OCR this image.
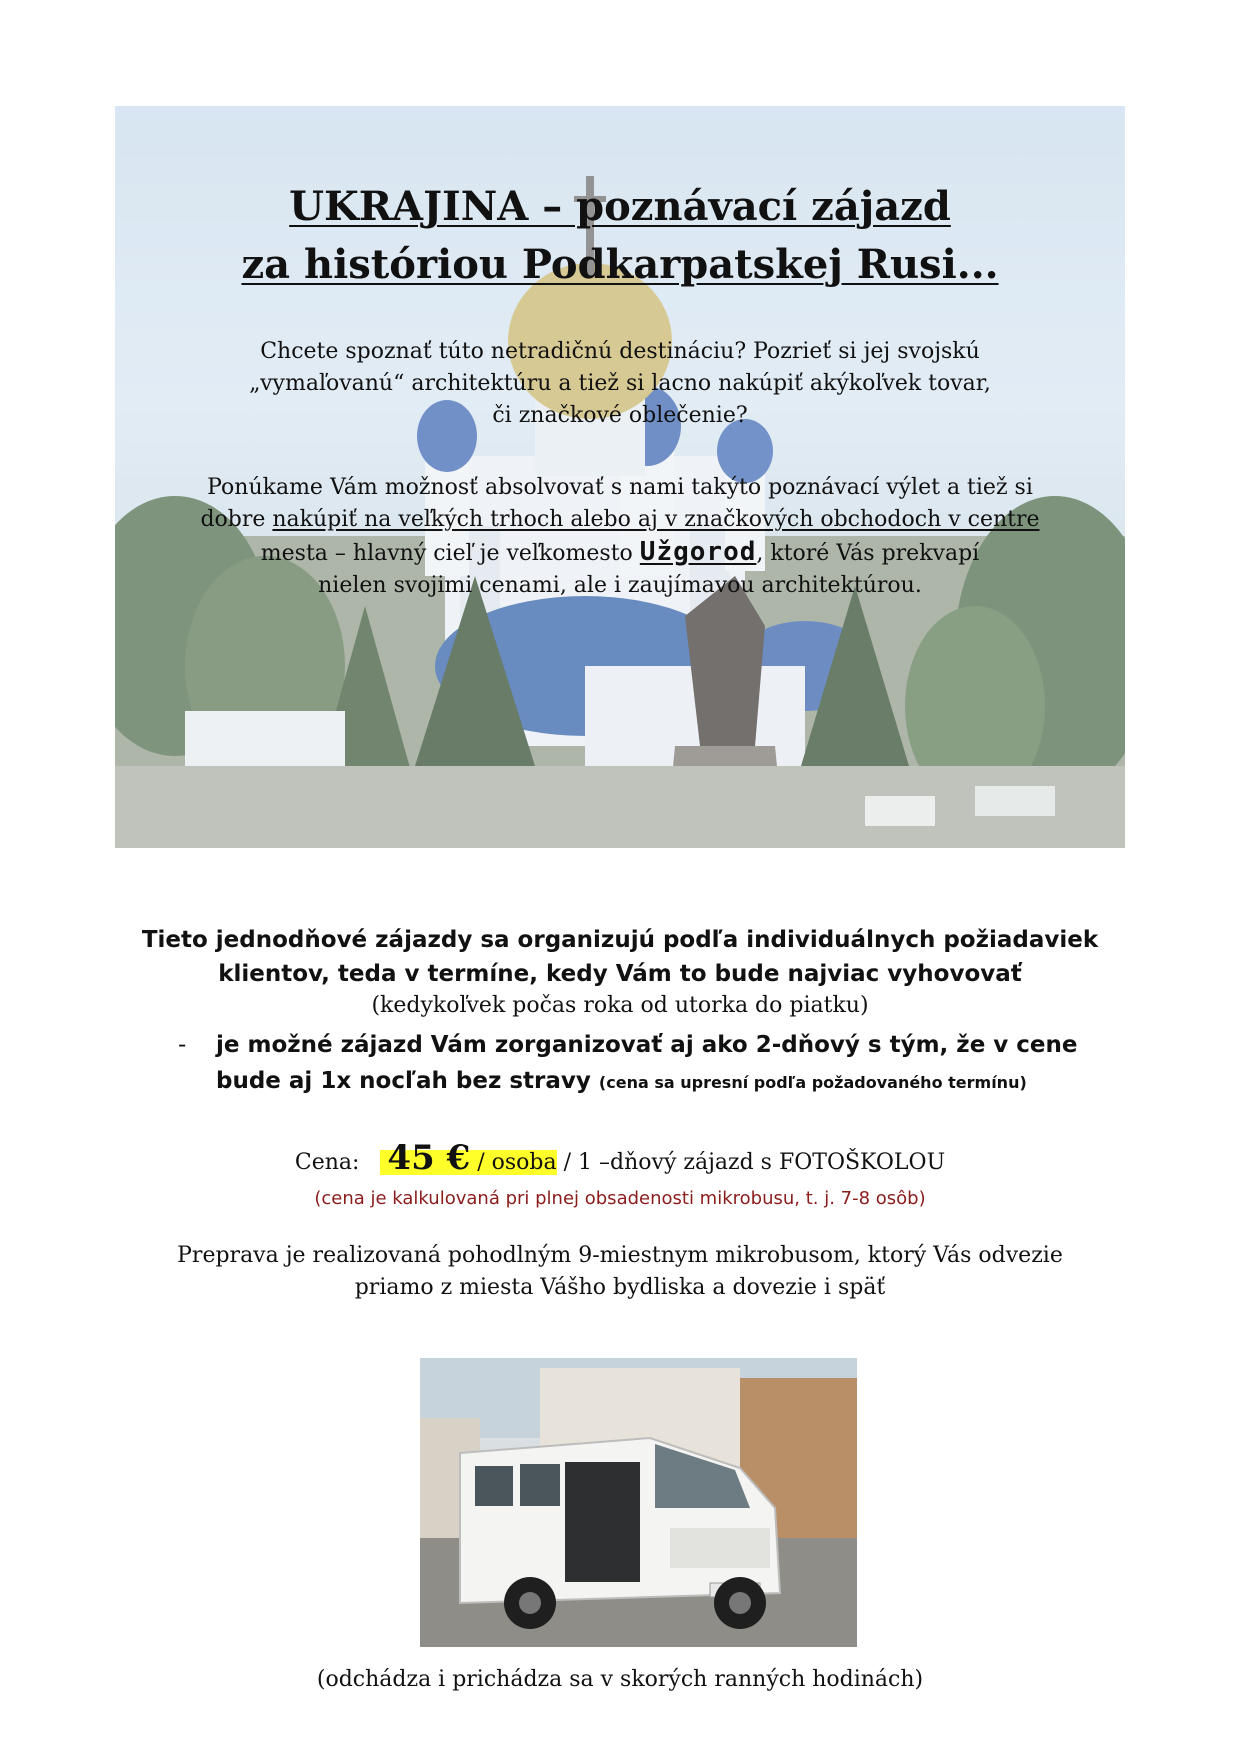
UKRAJINA – poznávací zájazd
za históriou Podkarpatskej Rusi...
Chcete spoznať túto netradičnú destináciu? Pozrieť si jej svojskú
„vymaľovanú“ architektúru a tiež si lacno nakúpiť akýkoľvek tovar,
či značkové oblečenie?
Ponúkame Vám možnosť absolvovať s nami takýto poznávací výlet a tiež si
dobre nakúpiť na veľkých trhoch alebo aj v značkových obchodoch v centre
mesta – hlavný cieľ je veľkomesto Užgorod, ktoré Vás prekvapí
nielen svojimi cenami, ale i zaujímavou architektúrou.
Tieto jednodňové zájazdy sa organizujú podľa individuálnych požiadaviek
klientov, teda v termíne, kedy Vám to bude najviac vyhovovať
(kedykoľvek počas roka od utorka do piatku)
- je možné zájazd Vám zorganizovať aj ako 2-dňový s tým, že v cene
bude aj 1x nocľah bez stravy (cena sa upresní podľa požadovaného termínu)
Cena: 45 € / osoba / 1 –dňový zájazd s FOTOŠKOLOU
(cena je kalkulovaná pri plnej obsadenosti mikrobusu, t. j. 7-8 osôb)
Preprava je realizovaná pohodlným 9-miestnym mikrobusom, ktorý Vás odvezie
priamo z miesta Vášho bydliska a dovezie i späť
(odchádza i prichádza sa v skorých ranných hodinách)
